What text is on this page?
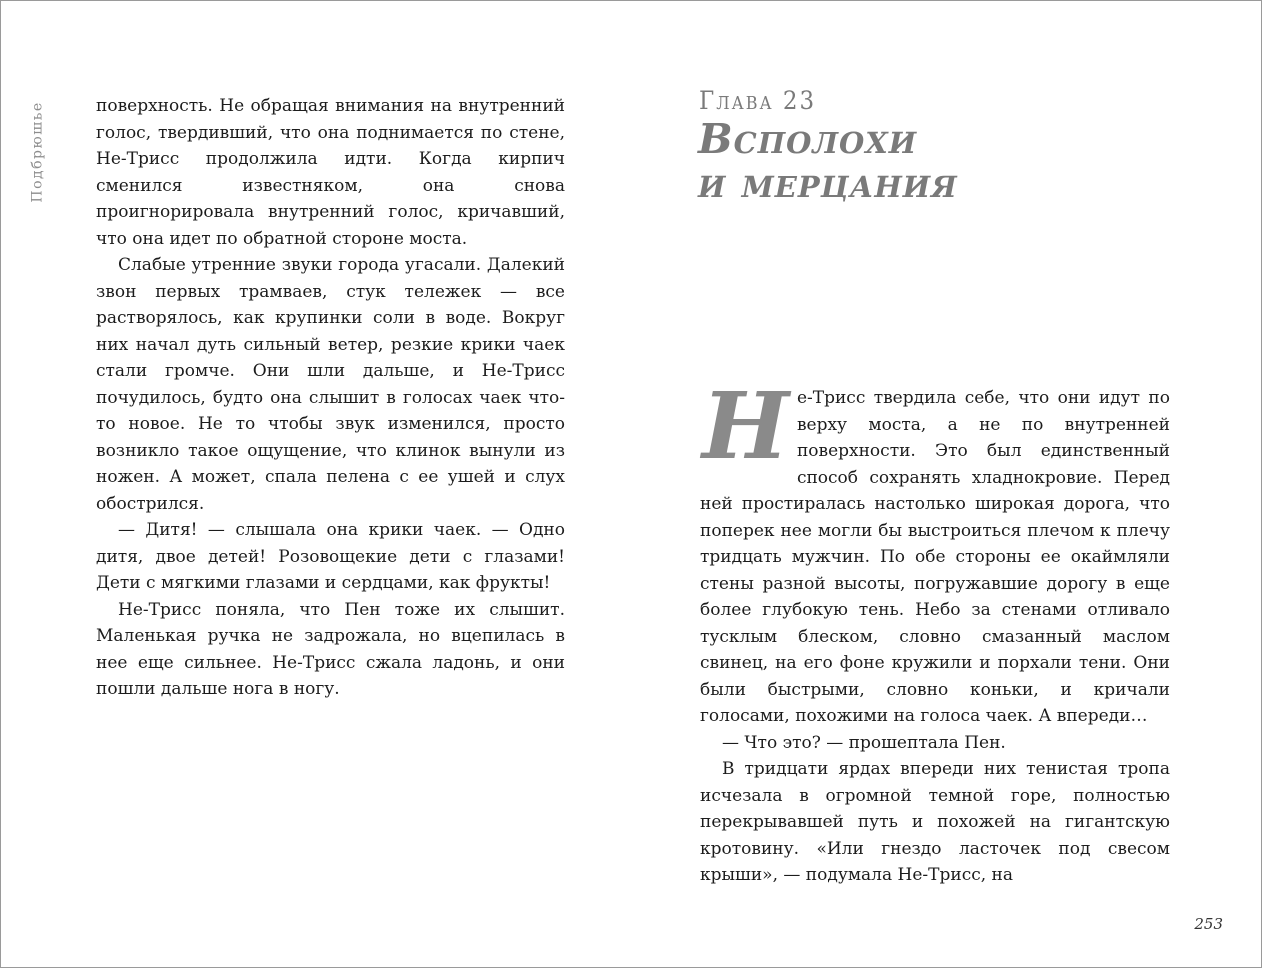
Подбрюшье	поверхность. Не обращая внимания на внутренний голос, твердивший, что она поднимается по стене, Не-Трисс продолжила идти. Когда кирпич сменился известняком, она снова проигнорировала внутренний голос, кричавший, что она идет по обратной стороне моста.

Слабые утренние звуки города угасали. Далекий звон первых трамваев, стук тележек — все растворялось, как крупинки соли в воде. Вокруг них начал дуть сильный ветер, резкие крики чаек стали громче. Они шли дальше, и Не-Трисс почудилось, будто она слышит в голосах чаек что-то новое. Не то чтобы звук изменился, просто возникло такое ощущение, что клинок вынули из ножен. А может, спала пелена с ее ушей и слух обострился.

— Дитя! — слышала она крики чаек. — Одно дитя, двое детей! Розовощекие дети с глазами! Дети с мягкими глазами и сердцами, как фрукты!

Не-Трисс поняла, что Пен тоже их слышит. Маленькая ручка не задрожала, но вцепилась в нее еще сильнее. Не-Трисс сжала ладонь, и они пошли дальше нога в ногу.

Глава 23
Всполохи
и мерцания

Не-Трисс твердила себе, что они идут по верху моста, а не по внутренней поверхности. Это был единственный способ сохранять хладнокровие. Перед ней простиралась настолько широкая дорога, что поперек нее могли бы выстроиться плечом к плечу тридцать мужчин. По обе стороны ее окаймляли стены разной высоты, погружавшие дорогу в еще более глубокую тень. Небо за стенами отливало тусклым блеском, словно смазанный маслом свинец, на его фоне кружили и порхали тени. Они были быстрыми, словно коньки, и кричали голосами, похожими на голоса чаек. А впереди…

— Что это? — прошептала Пен.

В тридцати ярдах впереди них тенистая тропа исчезала в огромной темной горе, полностью перекрывавшей путь и похожей на гигантскую кротовину. «Или гнездо ласточек под свесом крыши», — подумала Не-Трисс, на

253
